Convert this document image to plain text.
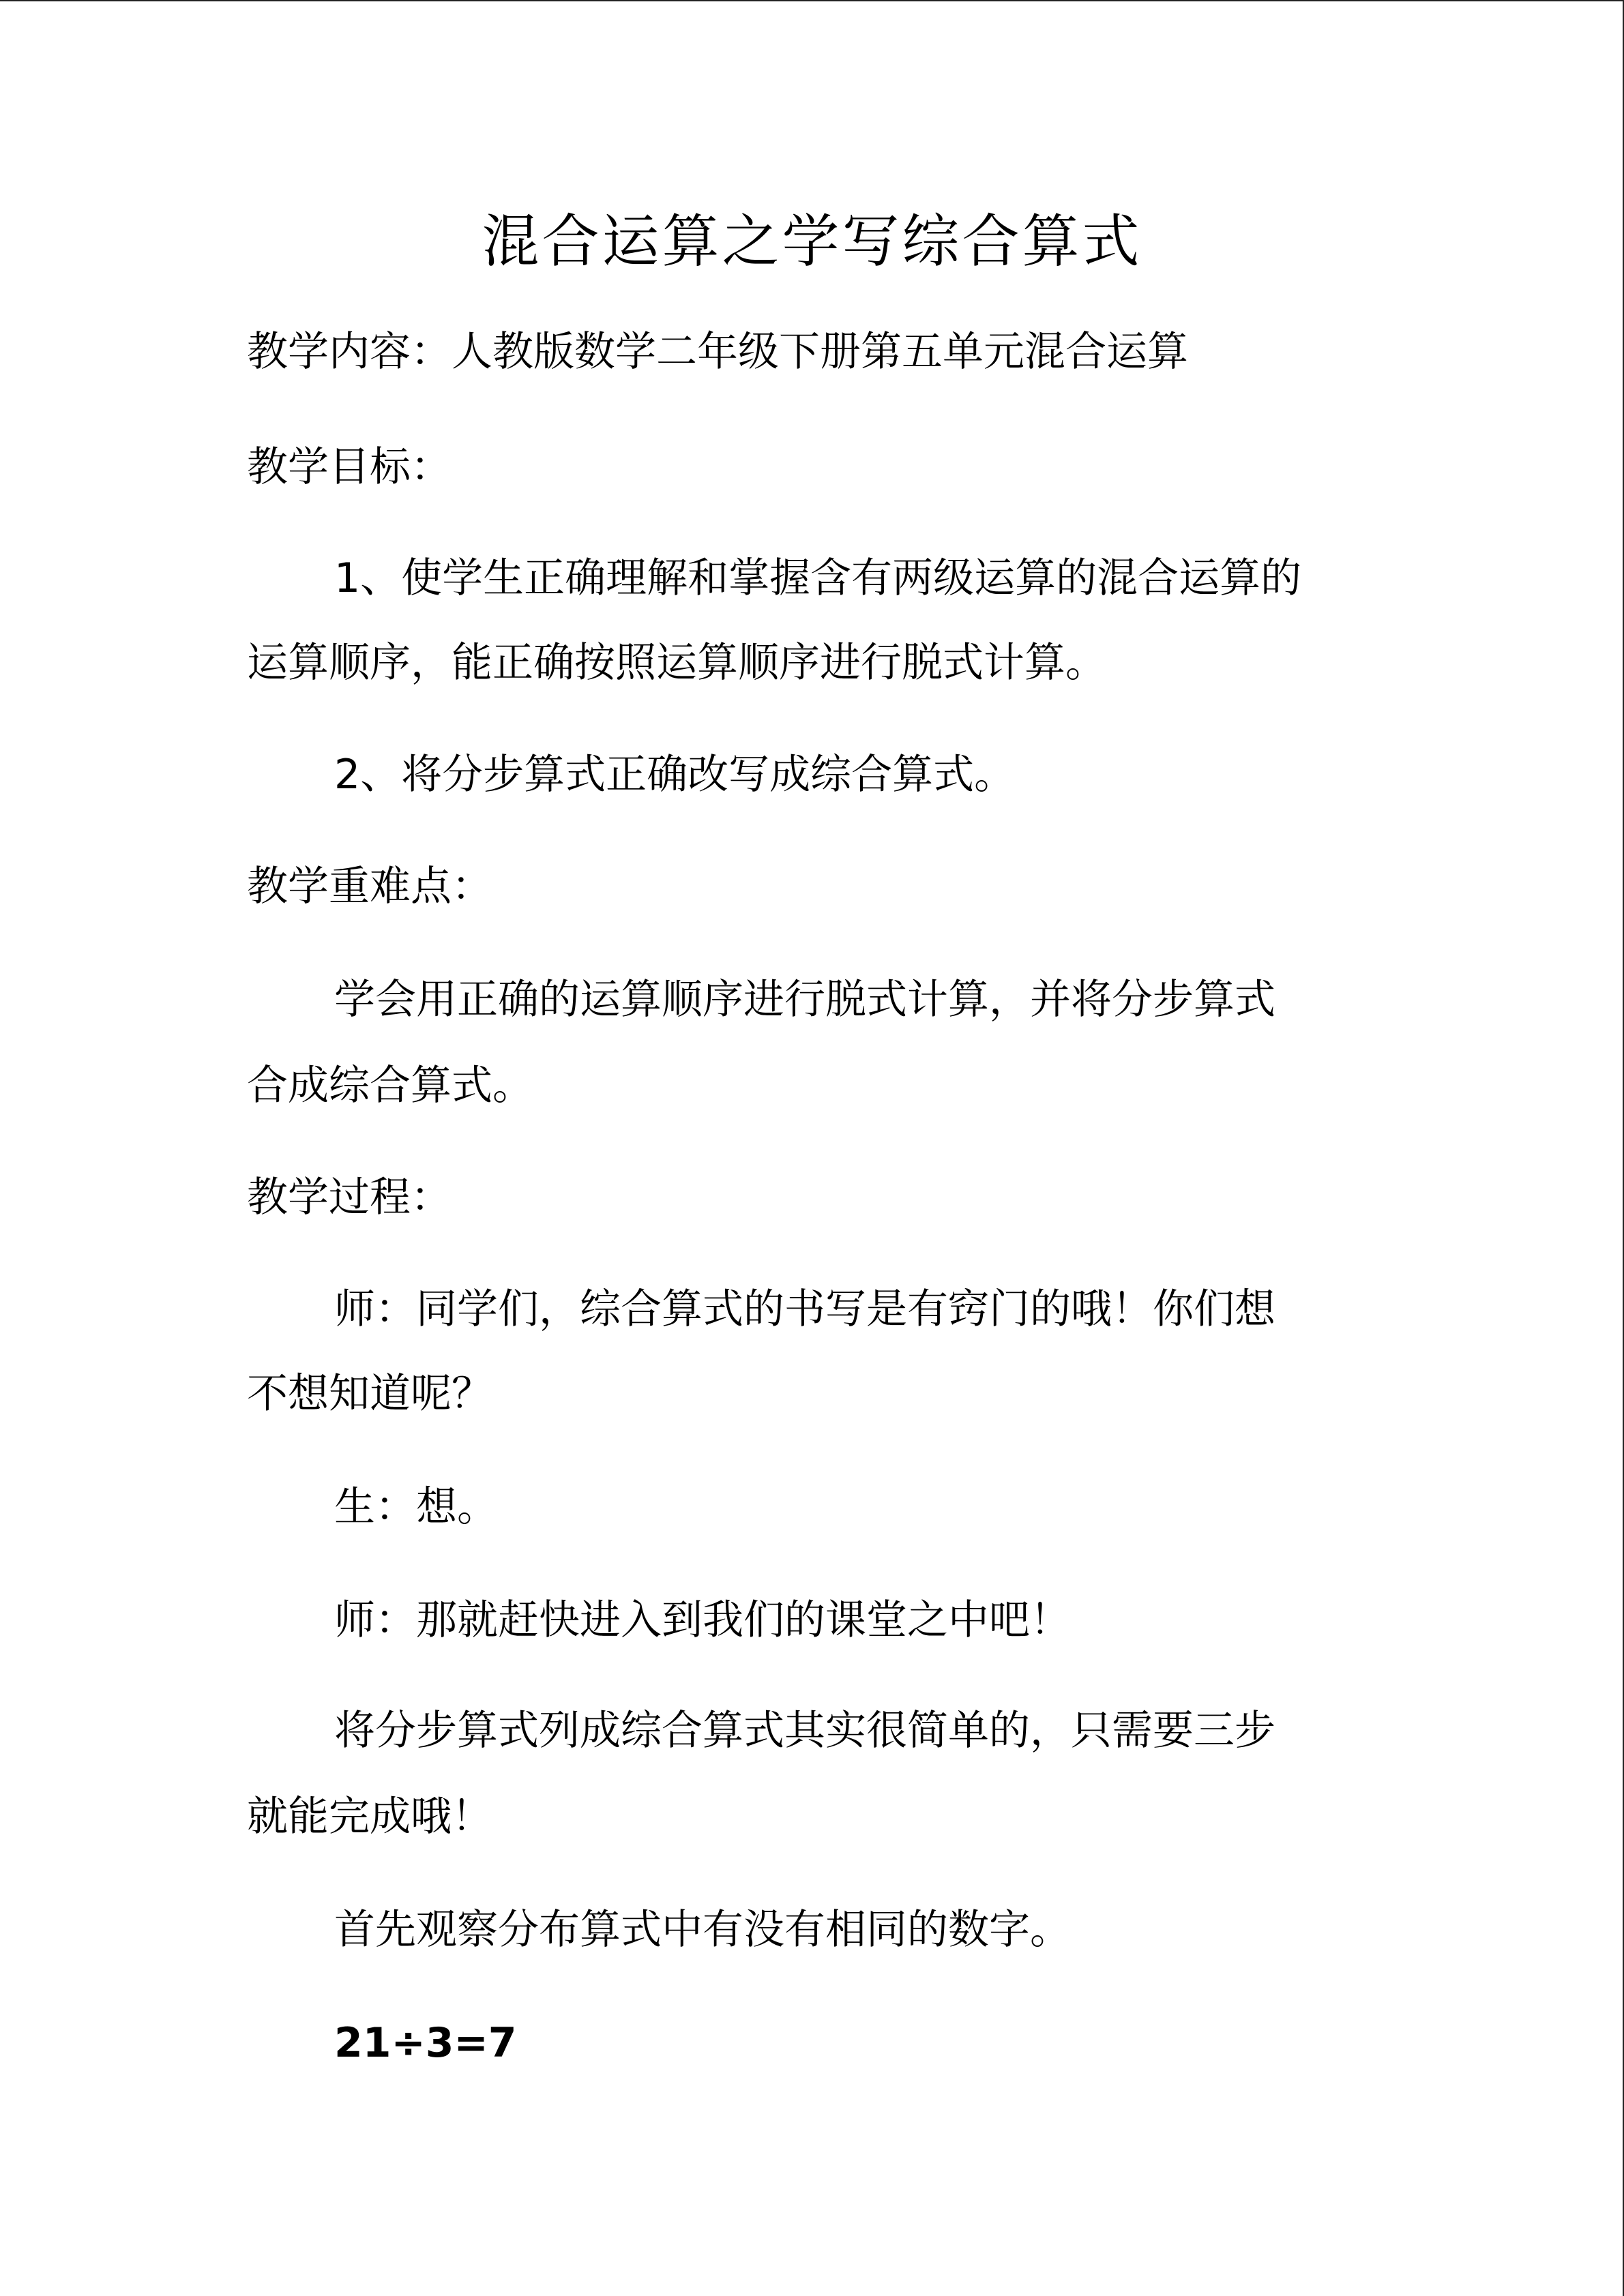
混合运算之学写综合算式
教学内容：人教版数学二年级下册第五单元混合运算
教学目标：
1、使学生正确理解和掌握含有两级运算的混合运算的
运算顺序，能正确按照运算顺序进行脱式计算。
2、将分步算式正确改写成综合算式。
教学重难点：
学会用正确的运算顺序进行脱式计算，并将分步算式
合成综合算式。
教学过程：
师：同学们，综合算式的书写是有窍门的哦！你们想
不想知道呢？
生：想。
师：那就赶快进入到我们的课堂之中吧！
将分步算式列成综合算式其实很简单的，只需要三步
就能完成哦！
首先观察分布算式中有没有相同的数字。
21÷3=7
